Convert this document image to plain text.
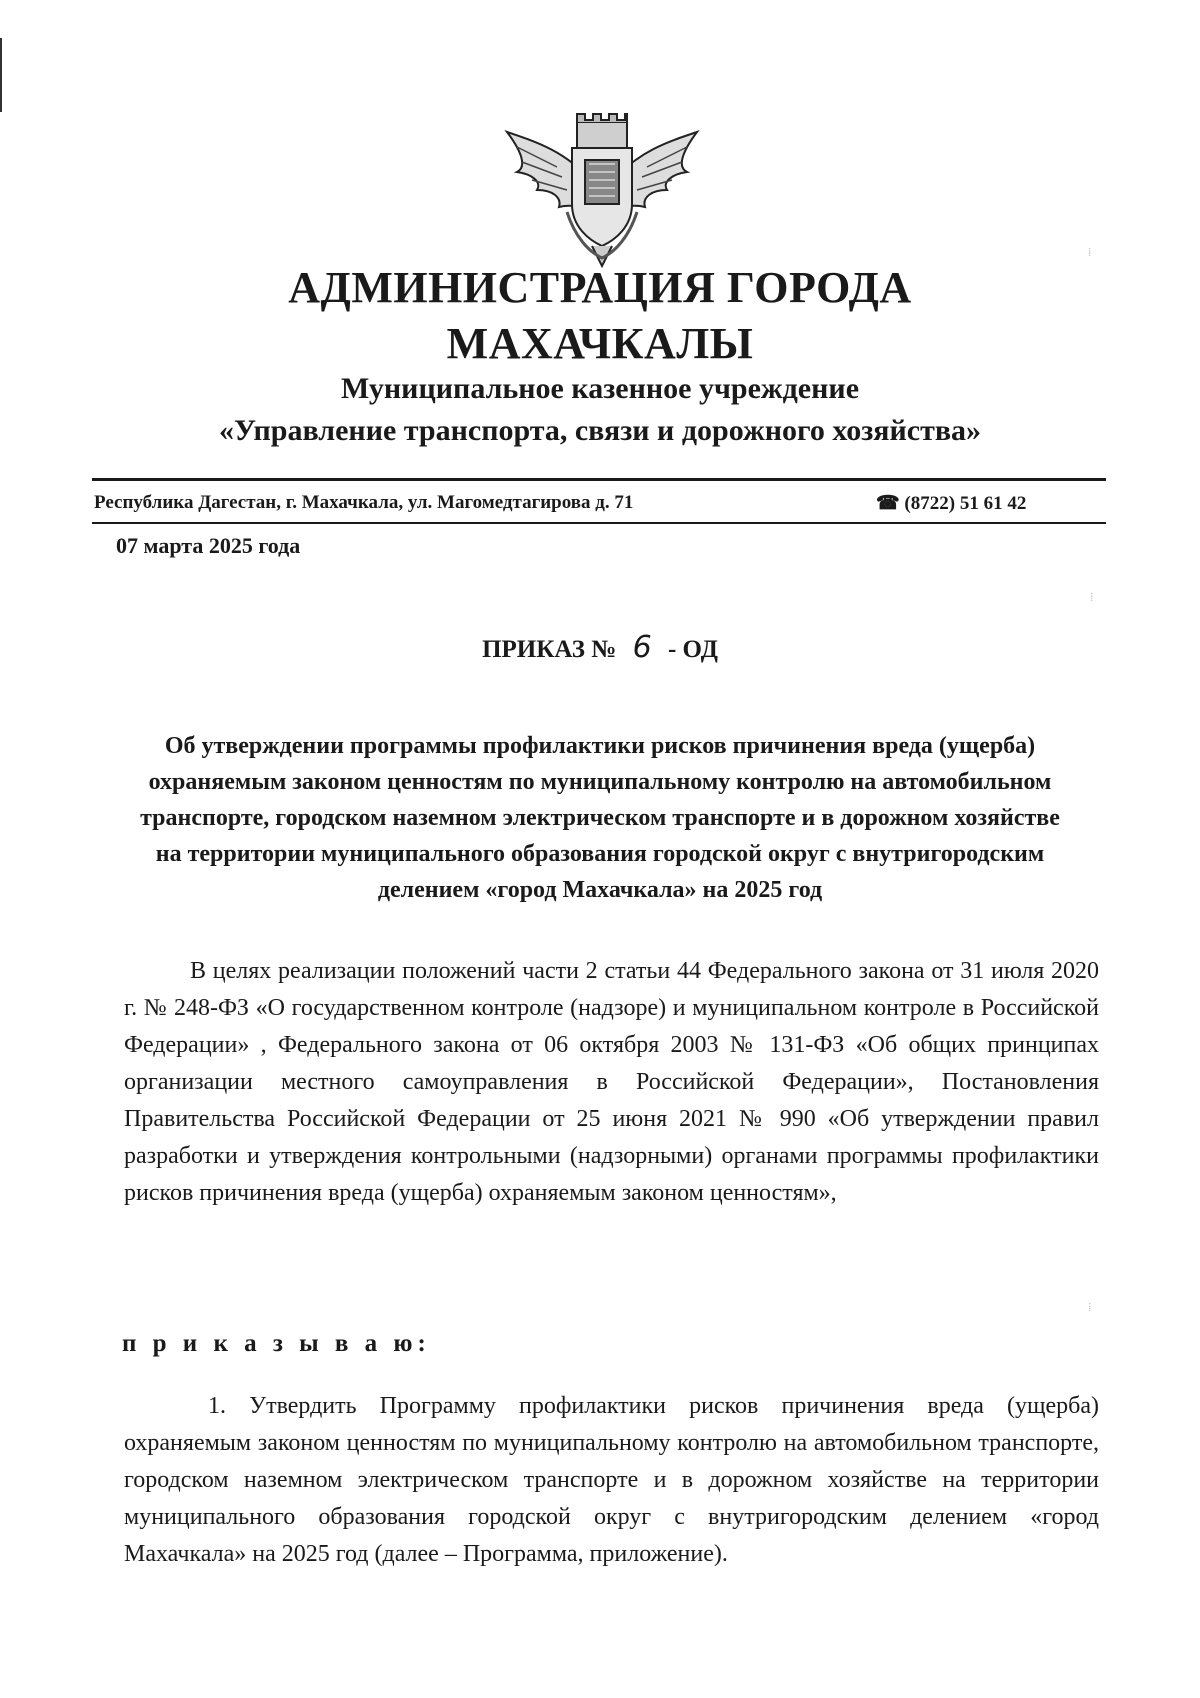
АДМИНИСТРАЦИЯ ГОРОДА
МАХАЧКАЛЫ
Муниципальное казенное учреждение
«Управление транспорта, связи и дорожного хозяйства»
Республика Дагестан, г. Махачкала, ул. Магомедтагирова д. 71	☎ (8722) 51 61 42
07 марта 2025 года
ПРИКАЗ № 6 - ОД
Об утверждении программы профилактики рисков причинения вреда (ущерба) охраняемым законом ценностям по муниципальному контролю на автомобильном транспорте, городском наземном электрическом транспорте и в дорожном хозяйстве на территории муниципального образования городской округ с внутригородским делением «город Махачкала» на 2025 год
В целях реализации положений части 2 статьи 44 Федерального закона от 31 июля 2020 г. № 248-ФЗ «О государственном контроле (надзоре) и муниципальном контроле в Российской Федерации» , Федерального закона от 06 октября 2003 № 131-ФЗ «Об общих принципах организации местного самоуправления в Российской Федерации», Постановления Правительства Российской Федерации от 25 июня 2021 № 990 «Об утверждении правил разработки и утверждения контрольными (надзорными) органами программы профилактики рисков причинения вреда (ущерба) охраняемым законом ценностям»,
п р и к а з ы в а ю:
1. Утвердить Программу профилактики рисков причинения вреда (ущерба) охраняемым законом ценностям по муниципальному контролю на автомобильном транспорте, городском наземном электрическом транспорте и в дорожном хозяйстве на территории муниципального образования городской округ с внутригородским делением «город Махачкала» на 2025 год (далее – Программа, приложение).
⁞
⁞
⁞
